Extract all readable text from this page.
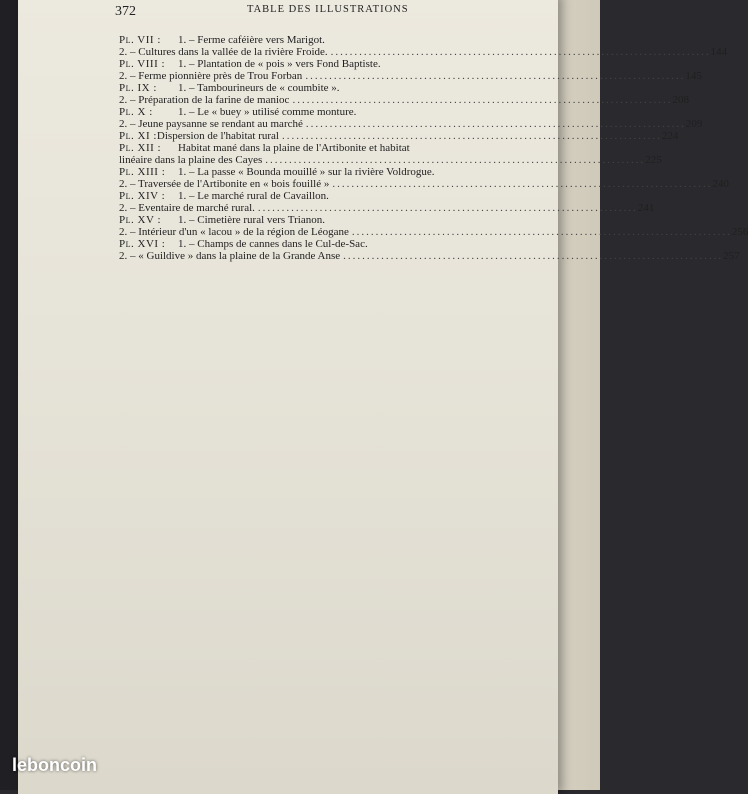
372	TABLE DES ILLUSTRATIONS
Pl. VII :	1. – Ferme caféière vers Marigot.
2. – Cultures dans la vallée de la rivière Froide. ................................................................................ 144
Pl. VIII :	1. – Plantation de « pois » vers Fond Baptiste.
2. – Ferme pionnière près de Trou Forban ................................................................................ 145
Pl. IX :	1. – Tambourineurs de « coumbite ».
2. – Préparation de la farine de manioc ................................................................................ 208
Pl. X :	1. – Le « buey » utilisé comme monture.
2. – Jeune paysanne se rendant au marché ................................................................................ 209
Pl. XI : Dispersion de l'habitat rural ................................................................................ 224
Pl. XII :	Habitat mané dans la plaine de l'Artibonite et habitat
linéaire dans la plaine des Cayes ................................................................................ 225
Pl. XIII :	1. – La passe « Bounda mouillé » sur la rivière Voldrogue.
2. – Traversée de l'Artibonite en « bois fouillé » ................................................................................ 240
Pl. XIV :	1. – Le marché rural de Cavaillon.
2. – Eventaire de marché rural. ................................................................................ 241
Pl. XV :	1. – Cimetière rural vers Trianon.
2. – Intérieur d'un « lacou » de la région de Léogane ................................................................................ 256
Pl. XVI :	1. – Champs de cannes dans le Cul-de-Sac.
2. – « Guildive » dans la plaine de la Grande Anse ................................................................................ 257
leboncoin
